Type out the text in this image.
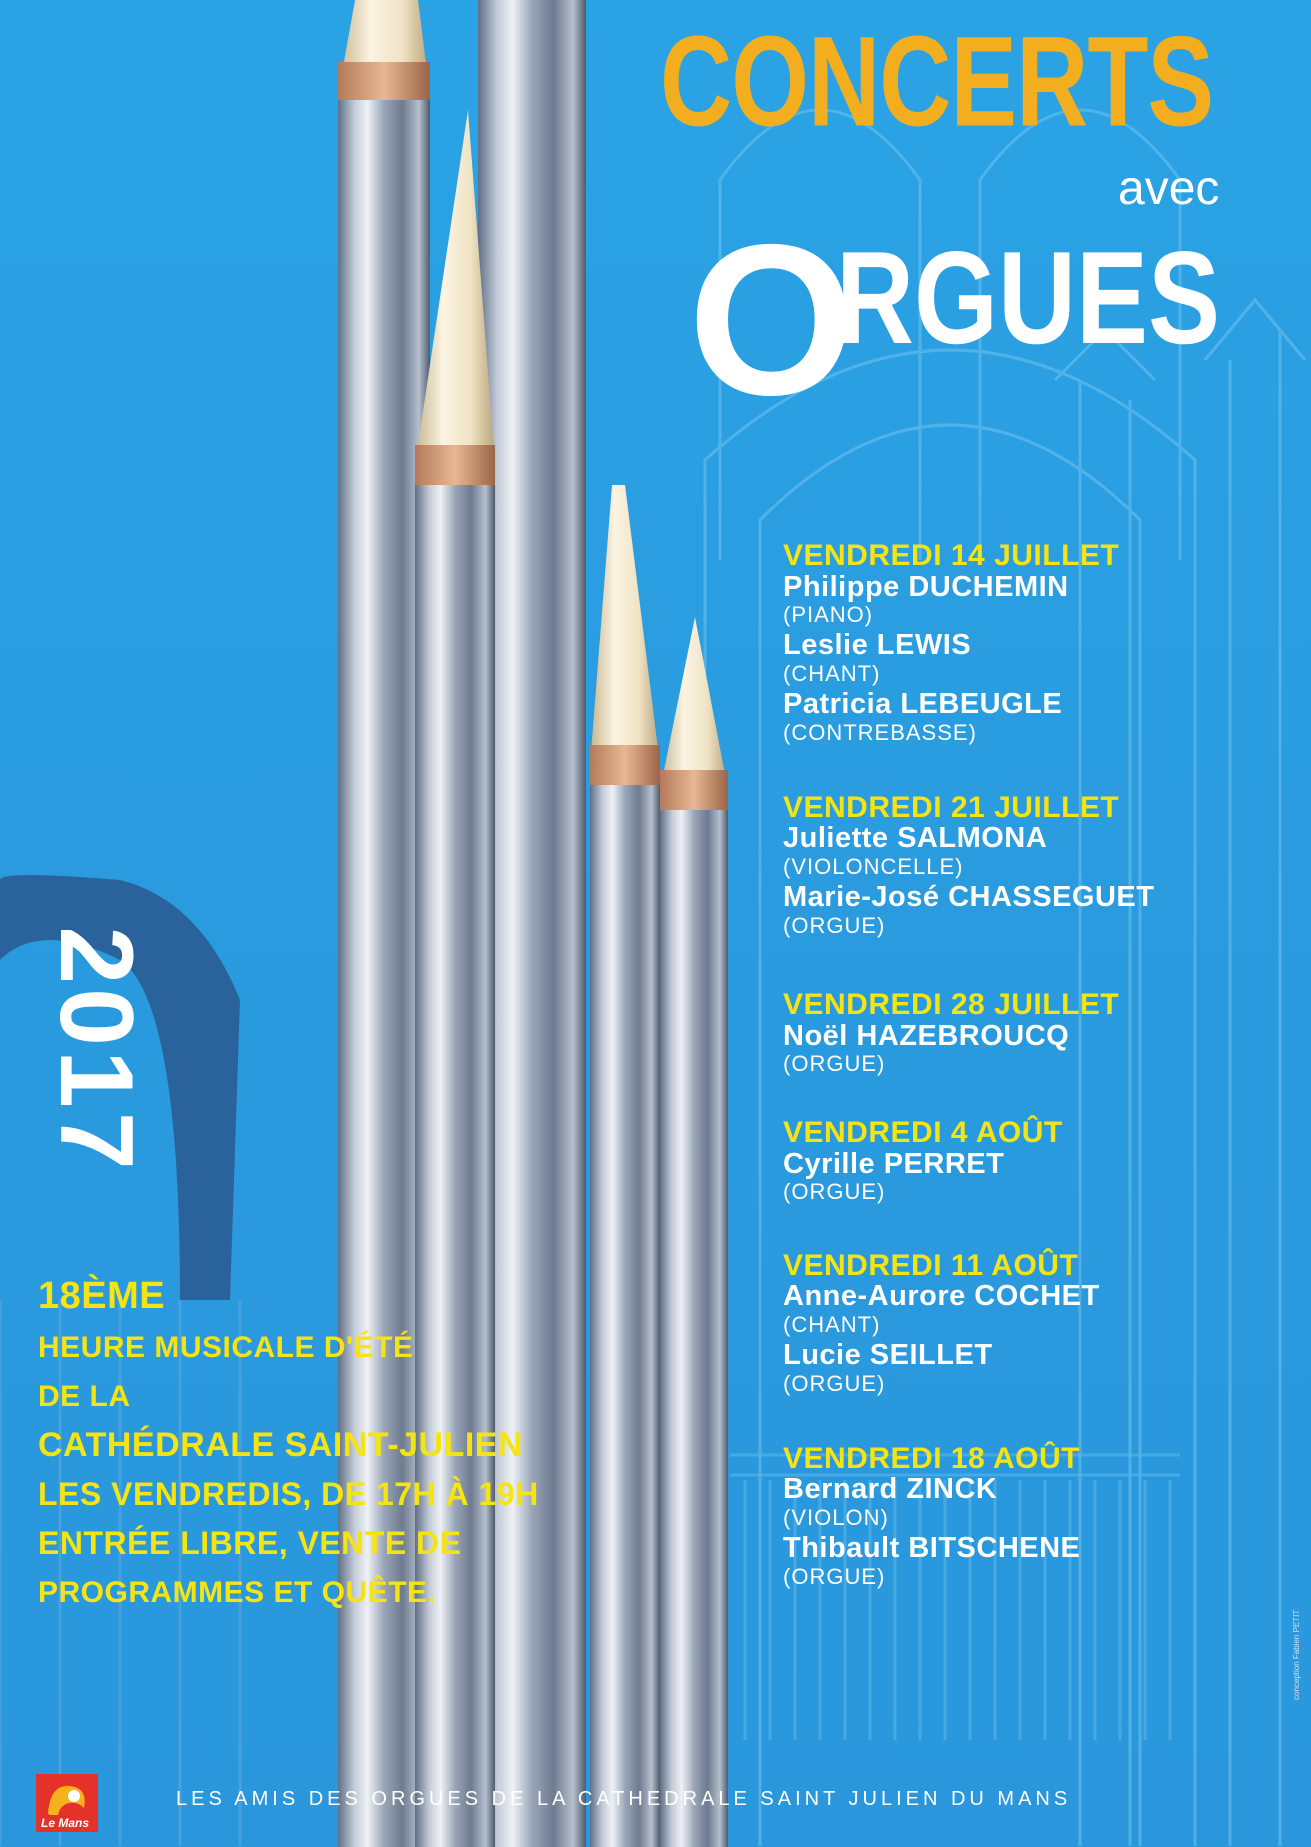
CONCERTS
avec
O
RGUES
2017
VENDREDI 14 JUILLET
Philippe DUCHEMIN
(PIANO)
Leslie LEWIS
(CHANT)
Patricia LEBEUGLE
(CONTREBASSE)
VENDREDI 21 JUILLET
Juliette SALMONA
(VIOLONCELLE)
Marie-José CHASSEGUET
(ORGUE)
VENDREDI 28 JUILLET
Noël HAZEBROUCQ
(ORGUE)
VENDREDI 4 AOÛT
Cyrille PERRET
(ORGUE)
VENDREDI 11 AOÛT
Anne-Aurore COCHET
(CHANT)
Lucie SEILLET
(ORGUE)
VENDREDI 18 AOÛT
Bernard ZINCK
(VIOLON)
Thibault BITSCHENE
(ORGUE)
18ÈME
HEURE MUSICALE D'ÉTÉ
DE LA
CATHÉDRALE SAINT-JULIEN
LES VENDREDIS, DE 17H À 19H
ENTRÉE LIBRE, VENTE DE
PROGRAMMES ET QUÊTE.
Le Mans
LES AMIS DES ORGUES DE LA CATHEDRALE SAINT JULIEN DU MANS
conception Fabien PETIT
